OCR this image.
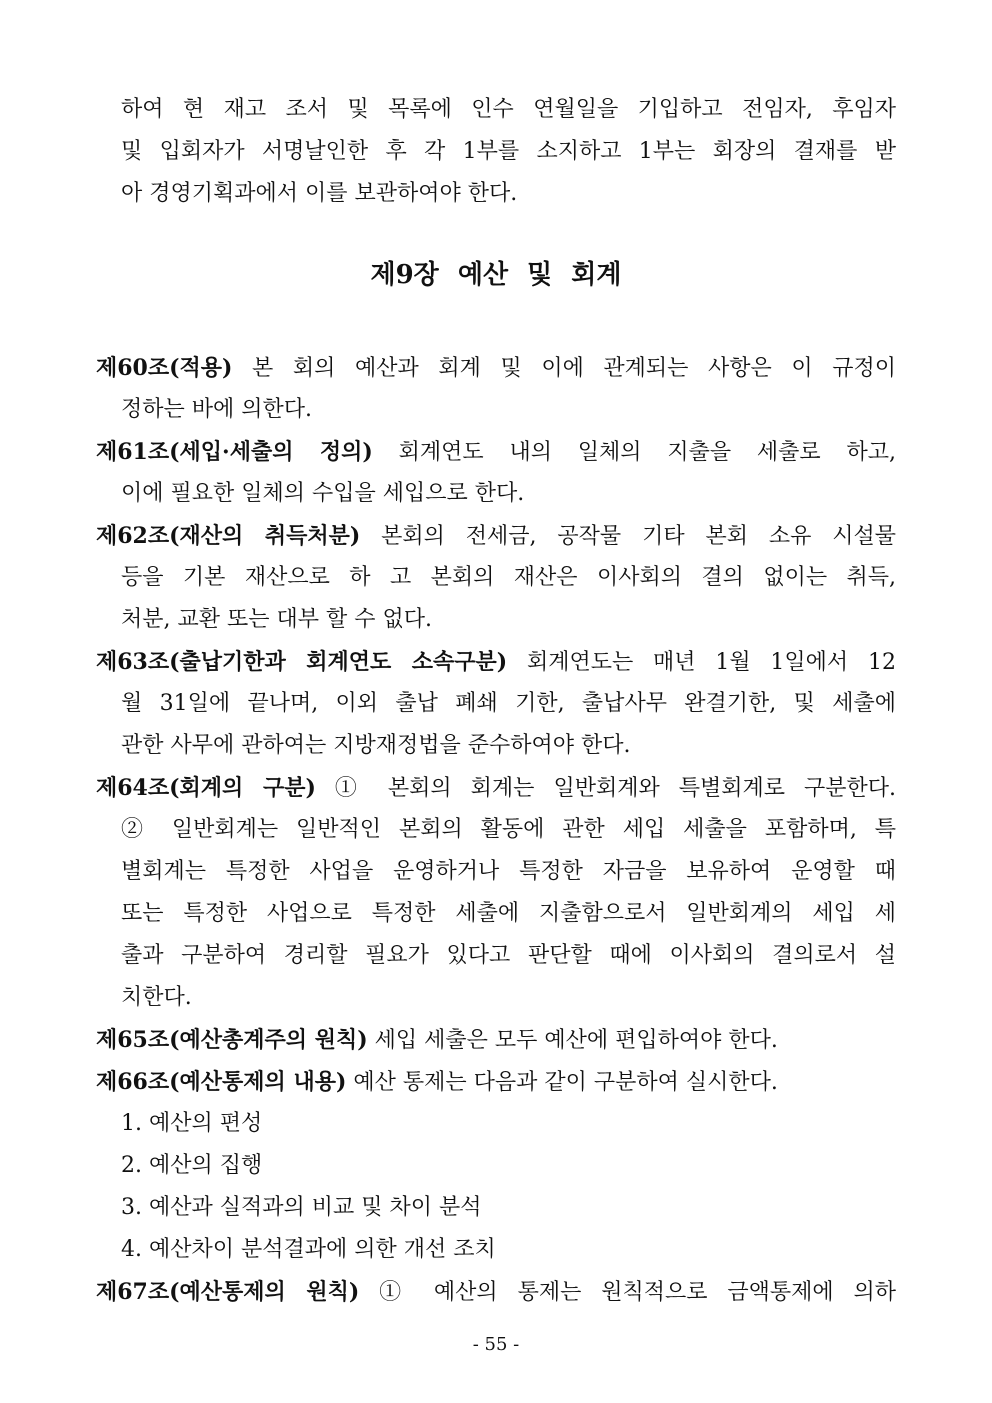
하여 현 재고 조서 및 목록에 인수 연월일을 기입하고 전임자, 후임자
및 입회자가 서명날인한 후 각 1부를 소지하고 1부는 회장의 결재를 받
아 경영기획과에서 이를 보관하여야 한다.
제9장 예산 및 회계
제60조(적용) 본 회의 예산과 회계 및 이에 관계되는 사항은 이 규정이
정하는 바에 의한다.
제61조(세입·세출의 정의) 회계연도 내의 일체의 지출을 세출로 하고,
이에 필요한 일체의 수입을 세입으로 한다.
제62조(재산의 취득처분) 본회의 전세금, 공작물 기타 본회 소유 시설물
등을 기본 재산으로 하 고 본회의 재산은 이사회의 결의 없이는 취득,
처분, 교환 또는 대부 할 수 없다.
제63조(출납기한과 회계연도 소속구분) 회계연도는 매년 1월 1일에서 12
월 31일에 끝나며, 이외 출납 폐쇄 기한, 출납사무 완결기한, 및 세출에
관한 사무에 관하여는 지방재정법을 준수하여야 한다.
제64조(회계의 구분) ① 본회의 회계는 일반회계와 특별회계로 구분한다.
② 일반회계는 일반적인 본회의 활동에 관한 세입 세출을 포함하며, 특
별회계는 특정한 사업을 운영하거나 특정한 자금을 보유하여 운영할 때
또는 특정한 사업으로 특정한 세출에 지출함으로서 일반회계의 세입 세
출과 구분하여 경리할 필요가 있다고 판단할 때에 이사회의 결의로서 설
치한다.
제65조(예산총계주의 원칙) 세입 세출은 모두 예산에 편입하여야 한다.
제66조(예산통제의 내용) 예산 통제는 다음과 같이 구분하여 실시한다.
1. 예산의 편성
2. 예산의 집행
3. 예산과 실적과의 비교 및 차이 분석
4. 예산차이 분석결과에 의한 개선 조치
제67조(예산통제의 원칙) ① 예산의 통제는 원칙적으로 금액통제에 의하
- 55 -
